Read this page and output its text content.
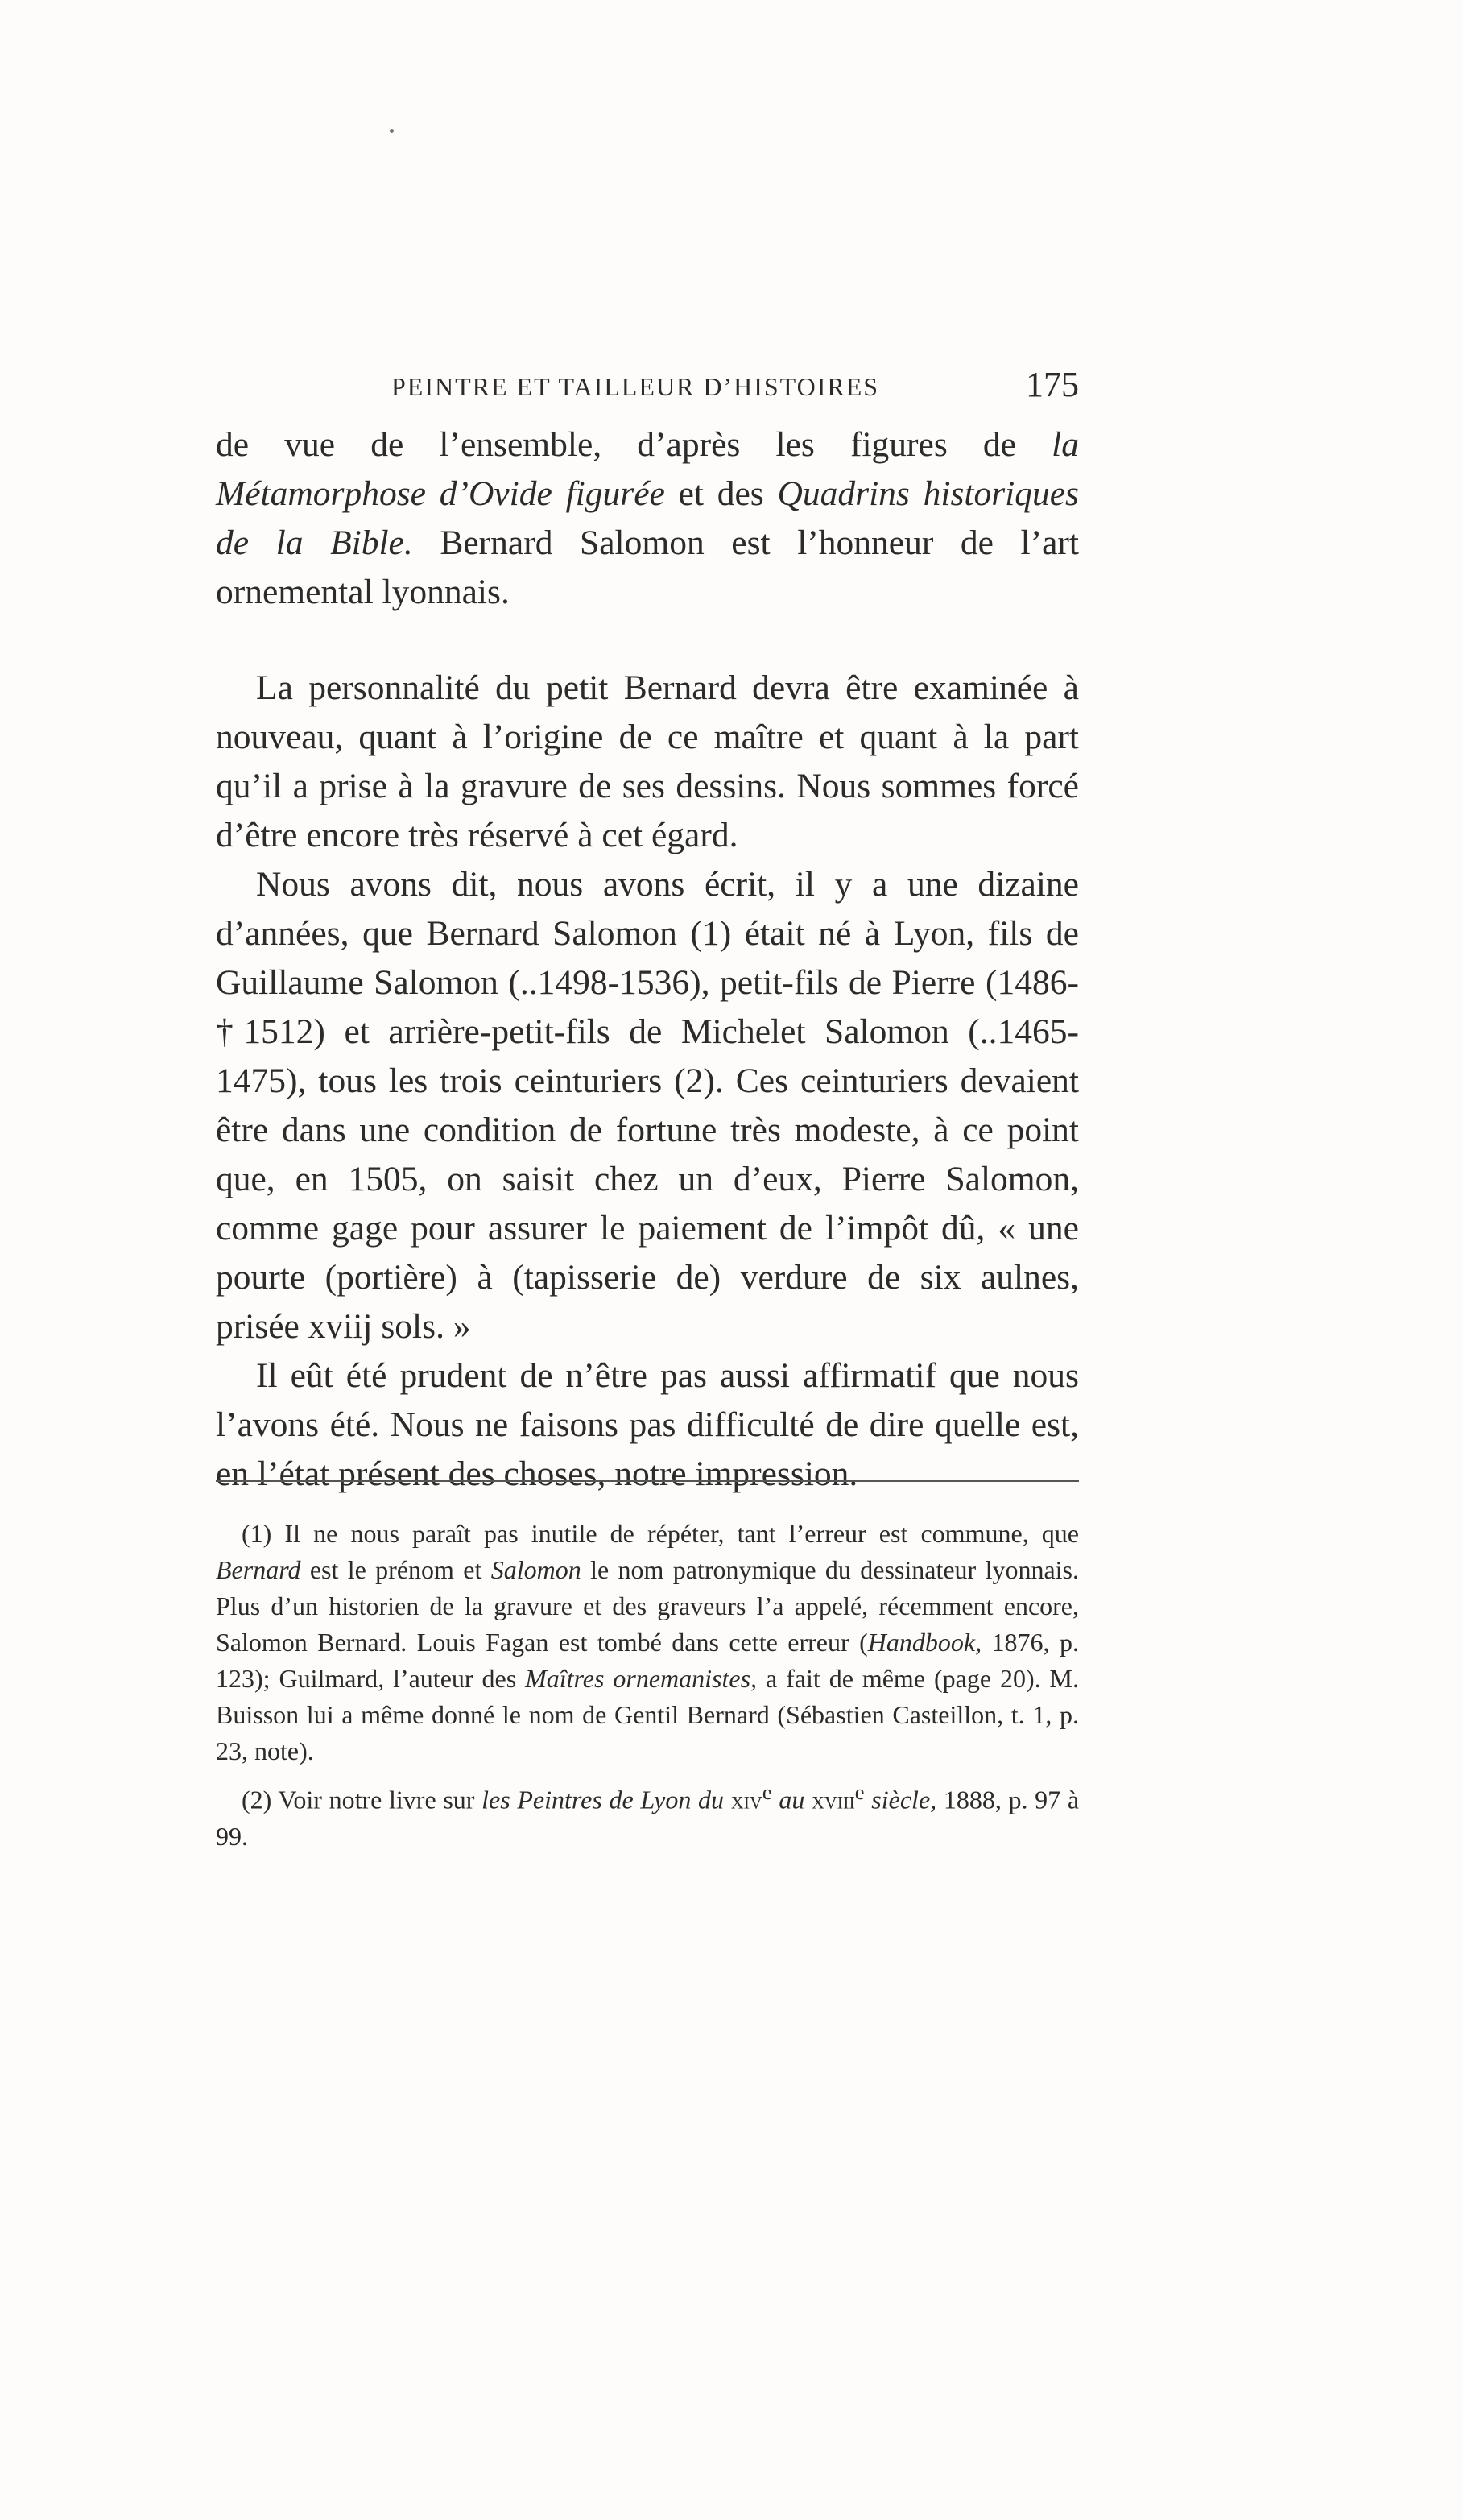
PEINTRE ET TAILLEUR D’HISTOIRES	175

de vue de l’ensemble, d’après les figures de la Métamorphose d’Ovide figurée et des Quadrins historiques de la Bible. Bernard Salomon est l’honneur de l’art ornemental lyonnais.

La personnalité du petit Bernard devra être examinée à nouveau, quant à l’origine de ce maître et quant à la part qu’il a prise à la gravure de ses dessins. Nous sommes forcé d’être encore très réservé à cet égard.

Nous avons dit, nous avons écrit, il y a une dizaine d’années, que Bernard Salomon (1) était né à Lyon, fils de Guillaume Salomon (..1498-1536), petit-fils de Pierre (1486-†1512) et arrière-petit-fils de Michelet Salomon (..1465-1475), tous les trois ceinturiers (2). Ces ceinturiers devaient être dans une condition de fortune très modeste, à ce point que, en 1505, on saisit chez un d’eux, Pierre Salomon, comme gage pour assurer le paiement de l’impôt dû, « une pourte (portière) à (tapisserie de) verdure de six aulnes, prisée xviij sols. »

Il eût été prudent de n’être pas aussi affirmatif que nous l’avons été. Nous ne faisons pas difficulté de dire quelle est, en l’état présent des choses, notre impression.

(1) Il ne nous paraît pas inutile de répéter, tant l’erreur est commune, que Bernard est le prénom et Salomon le nom patronymique du dessinateur lyonnais. Plus d’un historien de la gravure et des graveurs l’a appelé, récemment encore, Salomon Bernard. Louis Fagan est tombé dans cette erreur (Handbook, 1876, p. 123); Guilmard, l’auteur des Maîtres ornemanistes, a fait de même (page 20). M. Buisson lui a même donné le nom de Gentil Bernard (Sébastien Casteillon, t. 1, p. 23, note).

(2) Voir notre livre sur les Peintres de Lyon du xiv$^e$ au xviii$^e$ siècle, 1888, p. 97 à 99.
